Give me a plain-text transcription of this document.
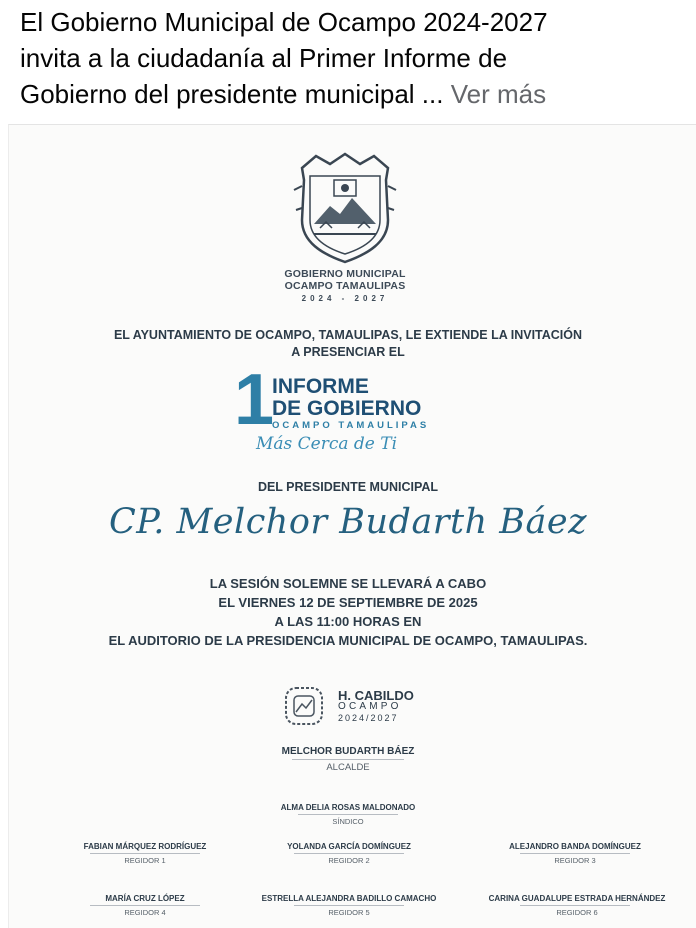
El Gobierno Municipal de Ocampo 2024-2027
invita a la ciudadanía al Primer Informe de
Gobierno del presidente municipal ... Ver más
GOBIERNO MUNICIPAL
OCAMPO TAMAULIPAS
2024 - 2027
EL AYUNTAMIENTO DE OCAMPO, TAMAULIPAS, LE EXTIENDE LA INVITACIÓN
A PRESENCIAR EL
1
INFORME
DE GOBIERNO
OCAMPO TAMAULIPAS
Más Cerca de Ti
DEL PRESIDENTE MUNICIPAL
CP. Melchor Budarth Báez
LA SESIÓN SOLEMNE SE LLEVARÁ A CABO
EL VIERNES 12 DE SEPTIEMBRE DE 2025
A LAS 11:00 HORAS EN
EL AUDITORIO DE LA PRESIDENCIA MUNICIPAL DE OCAMPO, TAMAULIPAS.
H. CABILDO
OCAMPO
2024/2027
MELCHOR BUDARTH BÁEZ
ALCALDE
ALMA DELIA ROSAS MALDONADO
SÍNDICO
FABIAN MÁRQUEZ RODRÍGUEZ
REGIDOR 1
YOLANDA GARCÍA DOMÍNGUEZ
REGIDOR 2
ALEJANDRO BANDA DOMÍNGUEZ
REGIDOR 3
MARÍA CRUZ LÓPEZ
REGIDOR 4
ESTRELLA ALEJANDRA BADILLO CAMACHO
REGIDOR 5
CARINA GUADALUPE ESTRADA HERNÁNDEZ
REGIDOR 6
